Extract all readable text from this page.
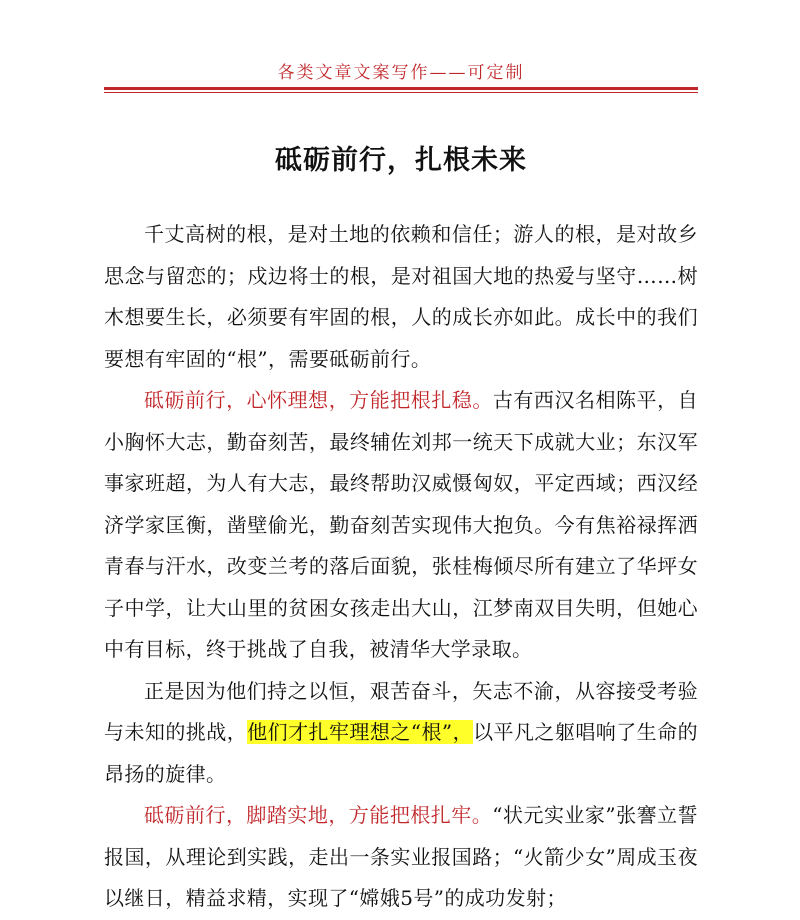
各类文章文案写作——可定制
砥砺前行，扎根未来

千丈高树的根，是对土地的依赖和信任；游人的根，是对故乡思念与留恋的；戍边将士的根，是对祖国大地的热爱与坚守……树木想要生长，必须要有牢固的根，人的成长亦如此。成长中的我们要想有牢固的“根”，需要砥砺前行。

砥砺前行，心怀理想，方能把根扎稳。古有西汉名相陈平，自小胸怀大志，勤奋刻苦，最终辅佐刘邦一统天下成就大业；东汉军事家班超，为人有大志，最终帮助汉威慑匈奴，平定西域；西汉经济学家匡衡，凿壁偷光，勤奋刻苦实现伟大抱负。今有焦裕禄挥洒青春与汗水，改变兰考的落后面貌，张桂梅倾尽所有建立了华坪女子中学，让大山里的贫困女孩走出大山，江梦南双目失明，但她心中有目标，终于挑战了自我，被清华大学录取。

正是因为他们持之以恒，艰苦奋斗，矢志不渝，从容接受考验与未知的挑战，他们才扎牢理想之“根”，以平凡之躯唱响了生命的昂扬的旋律。

砥砺前行，脚踏实地，方能把根扎牢。“状元实业家”张謇立誓报国，从理论到实践，走出一条实业报国路；“火箭少女”周成玉夜以继日，精益求精，实现了“嫦娥5号”的成功发射；
